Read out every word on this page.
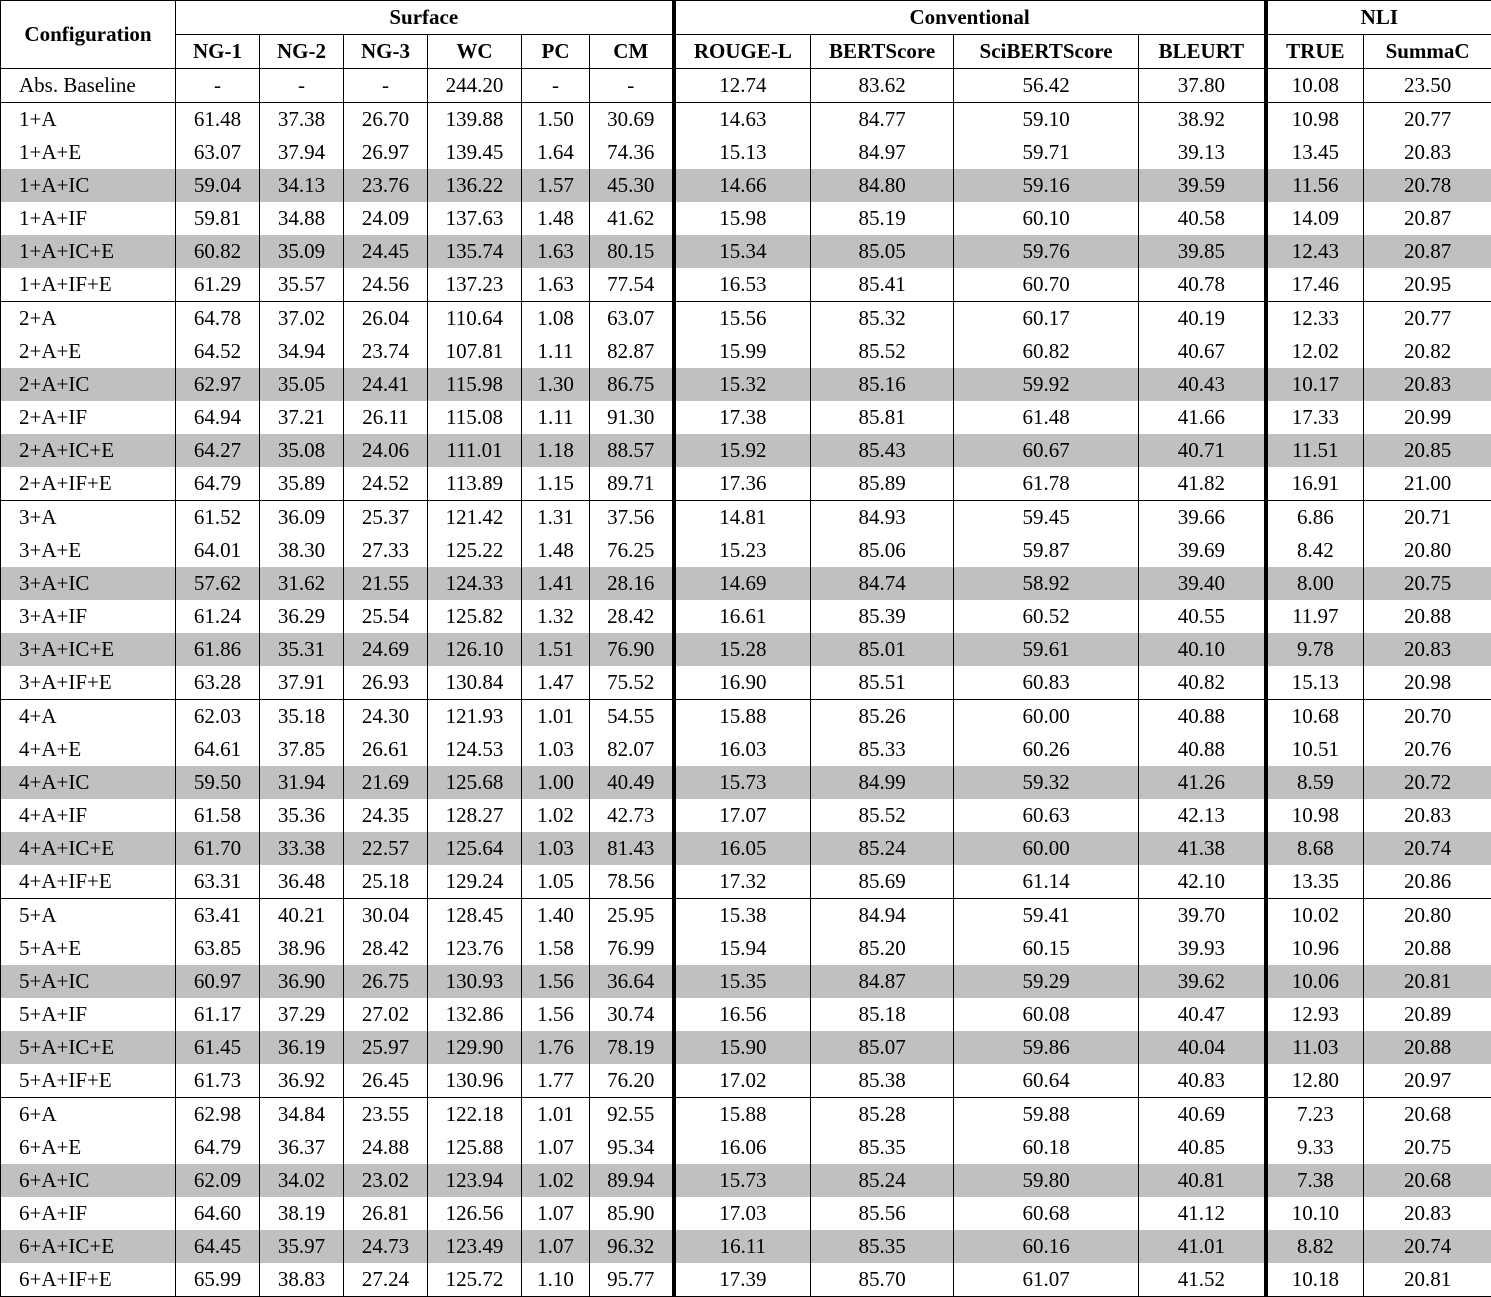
Configuration	Surface						Conventional				NLI	
	NG-1	NG-2	NG-3	WC	PC	CM	ROUGE-L	BERTScore	SciBERTScore	BLEURT	TRUE	SummaC
Abs. Baseline	-	-	-	244.20	-	-	12.74	83.62	56.42	37.80	10.08	23.50
1+A	61.48	37.38	26.70	139.88	1.50	30.69	14.63	84.77	59.10	38.92	10.98	20.77
1+A+E	63.07	37.94	26.97	139.45	1.64	74.36	15.13	84.97	59.71	39.13	13.45	20.83
1+A+IC	59.04	34.13	23.76	136.22	1.57	45.30	14.66	84.80	59.16	39.59	11.56	20.78
1+A+IF	59.81	34.88	24.09	137.63	1.48	41.62	15.98	85.19	60.10	40.58	14.09	20.87
1+A+IC+E	60.82	35.09	24.45	135.74	1.63	80.15	15.34	85.05	59.76	39.85	12.43	20.87
1+A+IF+E	61.29	35.57	24.56	137.23	1.63	77.54	16.53	85.41	60.70	40.78	17.46	20.95
2+A	64.78	37.02	26.04	110.64	1.08	63.07	15.56	85.32	60.17	40.19	12.33	20.77
2+A+E	64.52	34.94	23.74	107.81	1.11	82.87	15.99	85.52	60.82	40.67	12.02	20.82
2+A+IC	62.97	35.05	24.41	115.98	1.30	86.75	15.32	85.16	59.92	40.43	10.17	20.83
2+A+IF	64.94	37.21	26.11	115.08	1.11	91.30	17.38	85.81	61.48	41.66	17.33	20.99
2+A+IC+E	64.27	35.08	24.06	111.01	1.18	88.57	15.92	85.43	60.67	40.71	11.51	20.85
2+A+IF+E	64.79	35.89	24.52	113.89	1.15	89.71	17.36	85.89	61.78	41.82	16.91	21.00
3+A	61.52	36.09	25.37	121.42	1.31	37.56	14.81	84.93	59.45	39.66	6.86	20.71
3+A+E	64.01	38.30	27.33	125.22	1.48	76.25	15.23	85.06	59.87	39.69	8.42	20.80
3+A+IC	57.62	31.62	21.55	124.33	1.41	28.16	14.69	84.74	58.92	39.40	8.00	20.75
3+A+IF	61.24	36.29	25.54	125.82	1.32	28.42	16.61	85.39	60.52	40.55	11.97	20.88
3+A+IC+E	61.86	35.31	24.69	126.10	1.51	76.90	15.28	85.01	59.61	40.10	9.78	20.83
3+A+IF+E	63.28	37.91	26.93	130.84	1.47	75.52	16.90	85.51	60.83	40.82	15.13	20.98
4+A	62.03	35.18	24.30	121.93	1.01	54.55	15.88	85.26	60.00	40.88	10.68	20.70
4+A+E	64.61	37.85	26.61	124.53	1.03	82.07	16.03	85.33	60.26	40.88	10.51	20.76
4+A+IC	59.50	31.94	21.69	125.68	1.00	40.49	15.73	84.99	59.32	41.26	8.59	20.72
4+A+IF	61.58	35.36	24.35	128.27	1.02	42.73	17.07	85.52	60.63	42.13	10.98	20.83
4+A+IC+E	61.70	33.38	22.57	125.64	1.03	81.43	16.05	85.24	60.00	41.38	8.68	20.74
4+A+IF+E	63.31	36.48	25.18	129.24	1.05	78.56	17.32	85.69	61.14	42.10	13.35	20.86
5+A	63.41	40.21	30.04	128.45	1.40	25.95	15.38	84.94	59.41	39.70	10.02	20.80
5+A+E	63.85	38.96	28.42	123.76	1.58	76.99	15.94	85.20	60.15	39.93	10.96	20.88
5+A+IC	60.97	36.90	26.75	130.93	1.56	36.64	15.35	84.87	59.29	39.62	10.06	20.81
5+A+IF	61.17	37.29	27.02	132.86	1.56	30.74	16.56	85.18	60.08	40.47	12.93	20.89
5+A+IC+E	61.45	36.19	25.97	129.90	1.76	78.19	15.90	85.07	59.86	40.04	11.03	20.88
5+A+IF+E	61.73	36.92	26.45	130.96	1.77	76.20	17.02	85.38	60.64	40.83	12.80	20.97
6+A	62.98	34.84	23.55	122.18	1.01	92.55	15.88	85.28	59.88	40.69	7.23	20.68
6+A+E	64.79	36.37	24.88	125.88	1.07	95.34	16.06	85.35	60.18	40.85	9.33	20.75
6+A+IC	62.09	34.02	23.02	123.94	1.02	89.94	15.73	85.24	59.80	40.81	7.38	20.68
6+A+IF	64.60	38.19	26.81	126.56	1.07	85.90	17.03	85.56	60.68	41.12	10.10	20.83
6+A+IC+E	64.45	35.97	24.73	123.49	1.07	96.32	16.11	85.35	60.16	41.01	8.82	20.74
6+A+IF+E	65.99	38.83	27.24	125.72	1.10	95.77	17.39	85.70	61.07	41.52	10.18	20.81
